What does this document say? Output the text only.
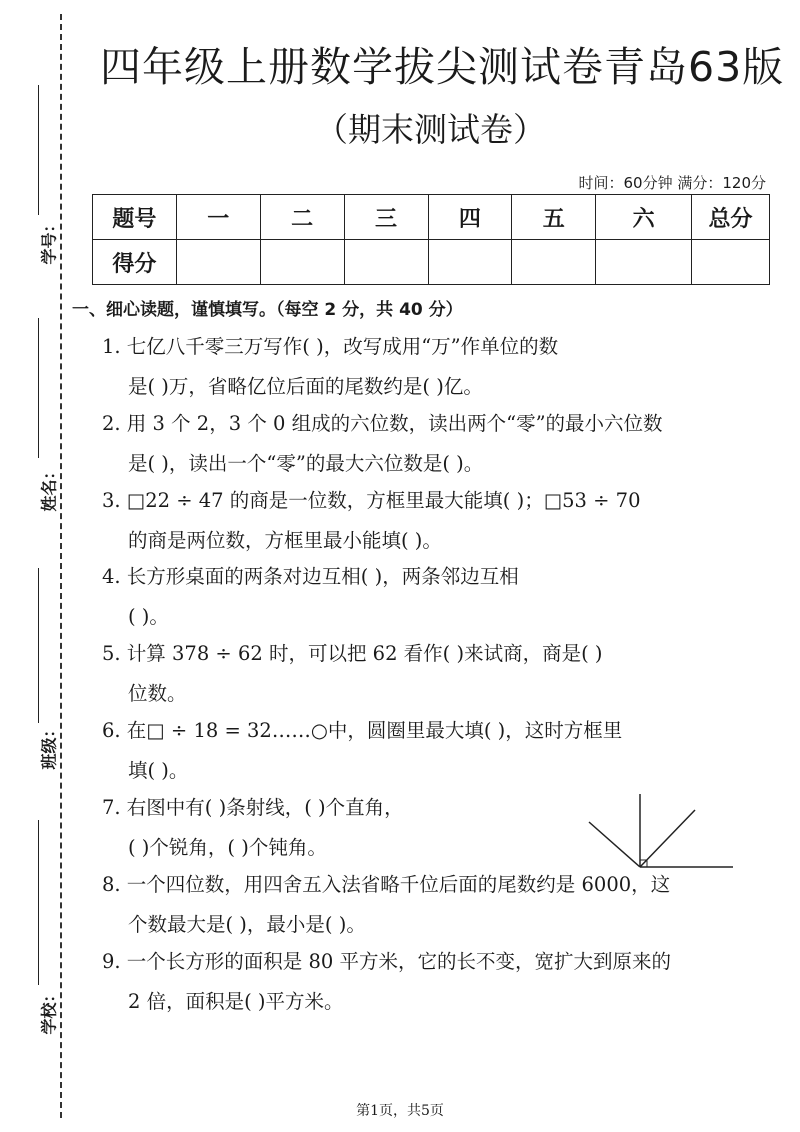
学号：
姓名：
班级：
学校：
四年级上册数学拔尖测试卷青岛63版
（期末测试卷）
时间：60分钟 满分：120分
题号	一	二	三	四	五	六	总分
得分							
一、细心读题，谨慎填写。（每空 2 分，共 40 分）
1. 七亿八千零三万写作( )，改写成用“万”作单位的数
是( )万，省略亿位后面的尾数约是( )亿。
2. 用 3 个 2，3 个 0 组成的六位数，读出两个“零”的最小六位数
是( )，读出一个“零”的最大六位数是( )。
3. □22 ÷ 47 的商是一位数，方框里最大能填( )；□53 ÷ 70
的商是两位数，方框里最小能填( )。
4. 长方形桌面的两条对边互相( )，两条邻边互相
( )。
5. 计算 378 ÷ 62 时，可以把 62 看作( )来试商，商是( )
位数。
6. 在□ ÷ 18 = 32……○中，圆圈里最大填( )，这时方框里
填( )。
7. 右图中有( )条射线，( )个直角，
( )个锐角，( )个钝角。
8. 一个四位数，用四舍五入法省略千位后面的尾数约是 6000，这
个数最大是( )，最小是( )。
9. 一个长方形的面积是 80 平方米，它的长不变，宽扩大到原来的
2 倍，面积是( )平方米。
第1页，共5页
